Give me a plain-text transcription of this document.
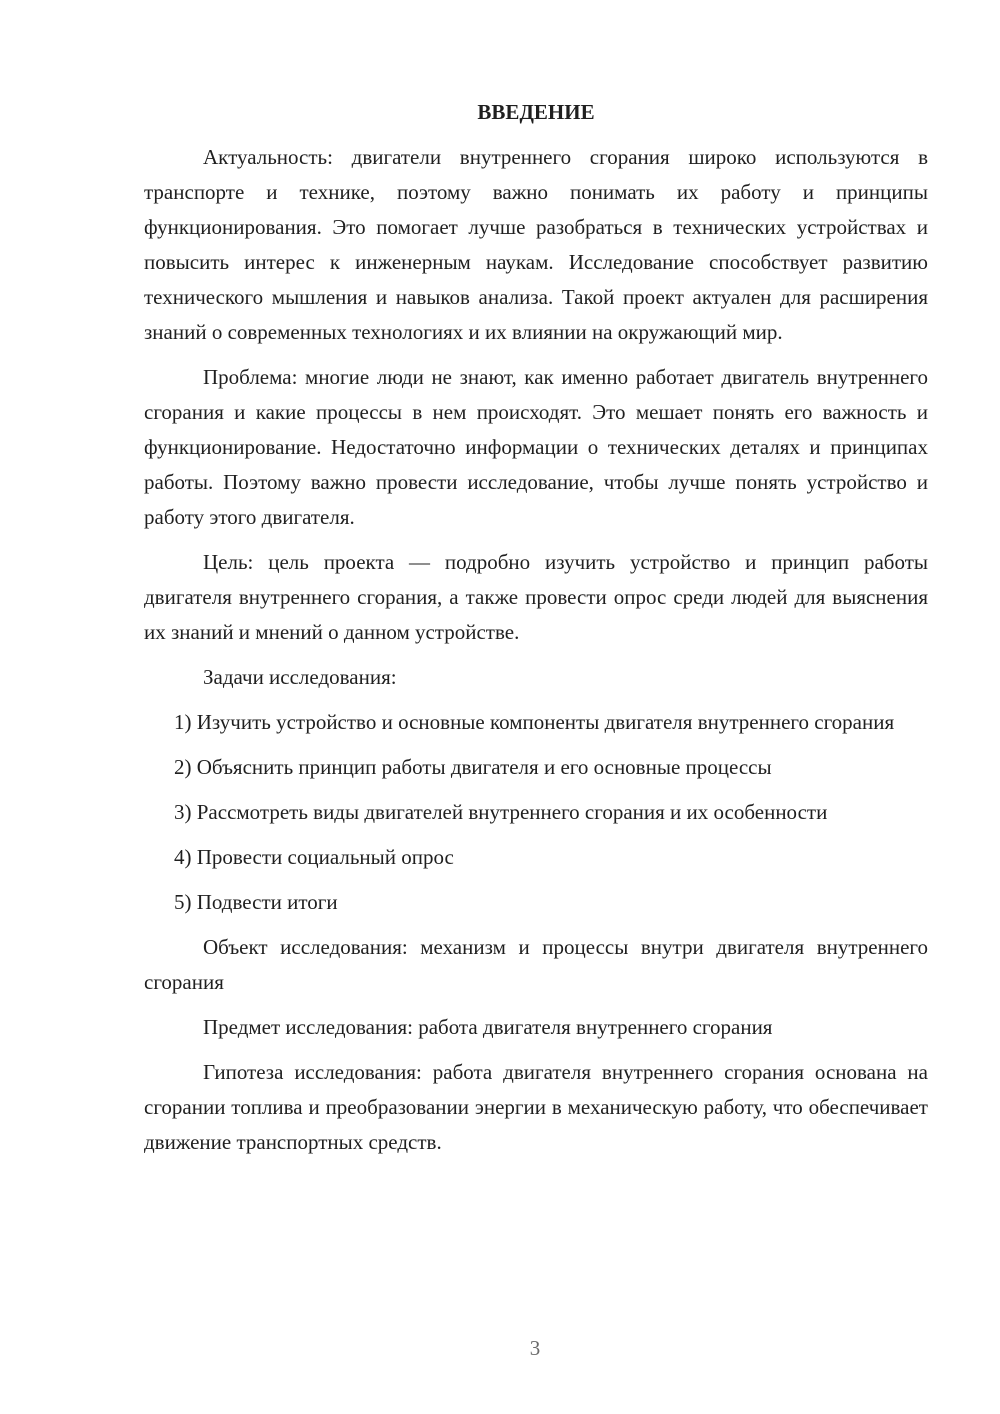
ВВЕДЕНИЕ

Актуальность: двигатели внутреннего сгорания широко используются в транспорте и технике, поэтому важно понимать их работу и принципы функционирования. Это помогает лучше разобраться в технических устройствах и повысить интерес к инженерным наукам. Исследование способствует развитию технического мышления и навыков анализа. Такой проект актуален для расширения знаний о современных технологиях и их влиянии на окружающий мир.

Проблема: многие люди не знают, как именно работает двигатель внутреннего сгорания и какие процессы в нем происходят. Это мешает понять его важность и функционирование. Недостаточно информации о технических деталях и принципах работы. Поэтому важно провести исследование, чтобы лучше понять устройство и работу этого двигателя.

Цель: цель проекта — подробно изучить устройство и принцип работы двигателя внутреннего сгорания, а также провести опрос среди людей для выяснения их знаний и мнений о данном устройстве.

Задачи исследования:

1) Изучить устройство и основные компоненты двигателя внутреннего сгорания

2) Объяснить принцип работы двигателя и его основные процессы

3) Рассмотреть виды двигателей внутреннего сгорания и их особенности

4) Провести социальный опрос

5) Подвести итоги

Объект исследования: механизм и процессы внутри двигателя внутреннего сгорания

Предмет исследования: работа двигателя внутреннего сгорания

Гипотеза исследования: работа двигателя внутреннего сгорания основана на сгорании топлива и преобразовании энергии в механическую работу, что обеспечивает движение транспортных средств.

3
